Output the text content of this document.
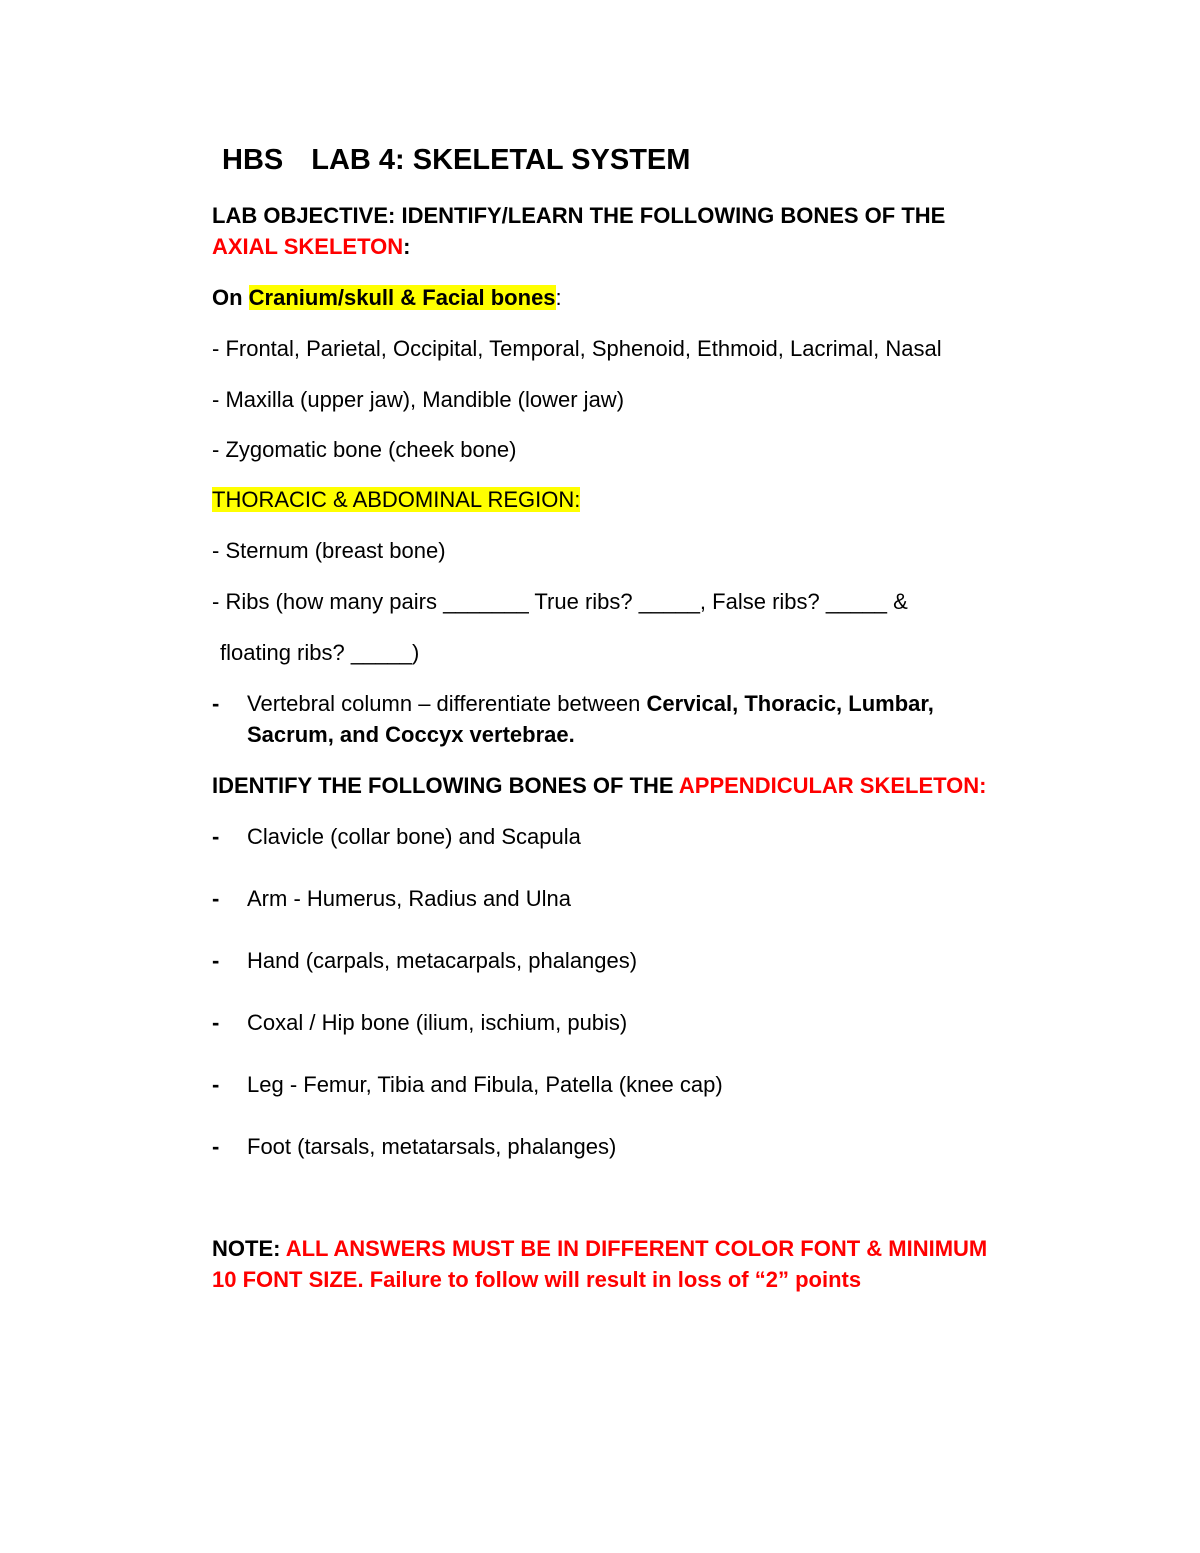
HBS LAB 4: SKELETAL SYSTEM
LAB OBJECTIVE: IDENTIFY/LEARN THE FOLLOWING BONES OF THE
AXIAL SKELETON:
On Cranium/skull & Facial bones:
- Frontal, Parietal, Occipital, Temporal, Sphenoid, Ethmoid, Lacrimal, Nasal
- Maxilla (upper jaw), Mandible (lower jaw)
- Zygomatic bone (cheek bone)
THORACIC & ABDOMINAL REGION:
- Sternum (breast bone)
- Ribs (how many pairs _______ True ribs? _____, False ribs? _____ &
floating ribs? _____)
- Vertebral column – differentiate between Cervical, Thoracic, Lumbar,
Sacrum, and Coccyx vertebrae.
IDENTIFY THE FOLLOWING BONES OF THE APPENDICULAR SKELETON:
- Clavicle (collar bone) and Scapula
- Arm - Humerus, Radius and Ulna
- Hand (carpals, metacarpals, phalanges)
- Coxal / Hip bone (ilium, ischium, pubis)
- Leg - Femur, Tibia and Fibula, Patella (knee cap)
- Foot (tarsals, metatarsals, phalanges)
NOTE: ALL ANSWERS MUST BE IN DIFFERENT COLOR FONT & MINIMUM
10 FONT SIZE. Failure to follow will result in loss of “2” points
